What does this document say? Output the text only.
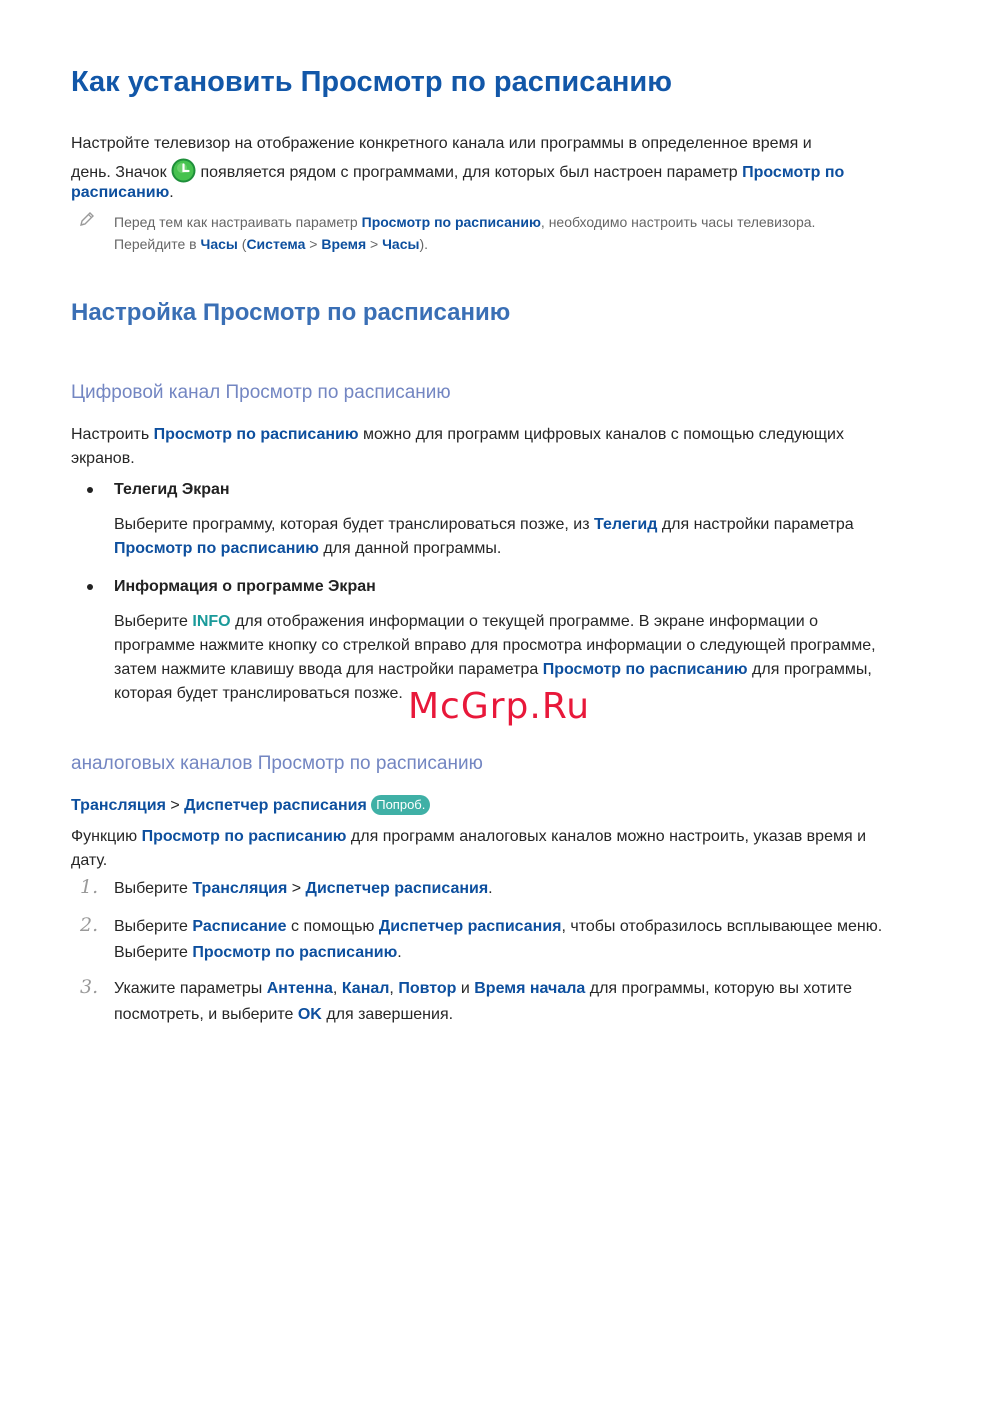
Как установить Просмотр по расписанию
Настройте телевизор на отображение конкретного канала или программы в определенное время и
день. Значок появляется рядом с программами, для которых был настроен параметр Просмотр по
расписанию.
Перед тем как настраивать параметр Просмотр по расписанию, необходимо настроить часы телевизора.
Перейдите в Часы (Система > Время > Часы).
Настройка Просмотр по расписанию
Цифровой канал Просмотр по расписанию
Настроить Просмотр по расписанию можно для программ цифровых каналов с помощью следующих
экранов.
Телегид Экран
Выберите программу, которая будет транслироваться позже, из Телегид для настройки параметра
Просмотр по расписанию для данной программы.
Информация о программе Экран
Выберите INFO для отображения информации о текущей программе. В экране информации о
программе нажмите кнопку со стрелкой вправо для просмотра информации о следующей программе,
затем нажмите клавишу ввода для настройки параметра Просмотр по расписанию для программы,
которая будет транслироваться позже. McGrp.Ru
аналоговых каналов Просмотр по расписанию
Трансляция > Диспетчер расписания Попроб.
Функцию Просмотр по расписанию для программ аналоговых каналов можно настроить, указав время и
дату.
1. Выберите Трансляция > Диспетчер расписания.
2. Выберите Расписание с помощью Диспетчер расписания, чтобы отобразилось всплывающее меню.
Выберите Просмотр по расписанию.
3. Укажите параметры Антенна, Канал, Повтор и Время начала для программы, которую вы хотите
посмотреть, и выберите OK для завершения.
